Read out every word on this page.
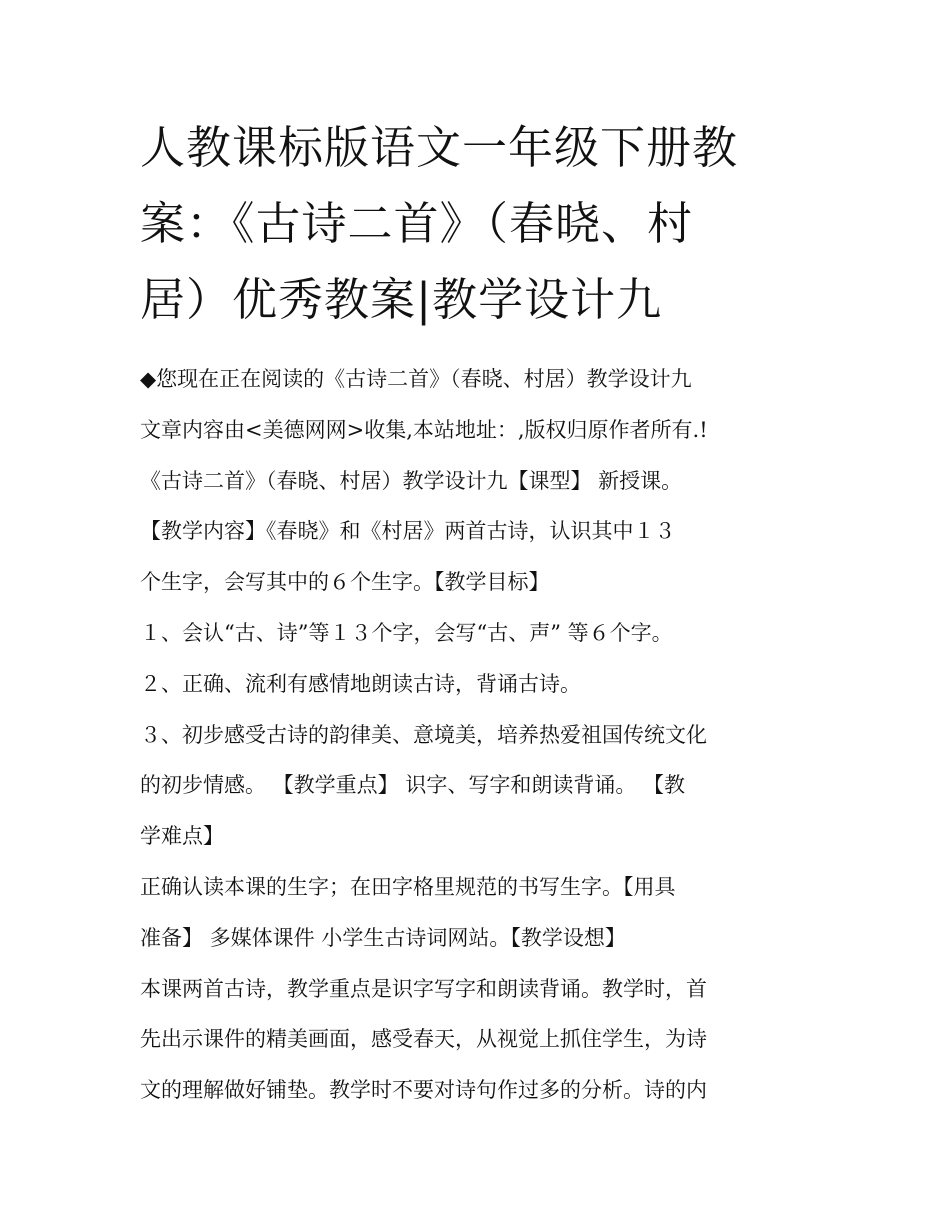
人教课标版语文一年级下册教
案：《古诗二首》（春晓、村
居）优秀教案|教学设计九
◆您现在正在阅读的《古诗二首》（春晓、村居）教学设计九
文章内容由<美德网网>收集,本站地址：,版权归原作者所有.!
《古诗二首》（春晓、村居）教学设计九【课型】 新授课。
【教学内容】《春晓》和《村居》两首古诗，认识其中１３
个生字，会写其中的６个生字。【教学目标】
１、会认“古、诗”等１３个字，会写“古、声” 等６个字。
２、正确、流利有感情地朗读古诗，背诵古诗。
３、初步感受古诗的韵律美、意境美，培养热爱祖国传统文化
的初步情感。 【教学重点】 识字、写字和朗读背诵。 【教
学难点】
正确认读本课的生字；在田字格里规范的书写生字。【用具
准备】 多媒体课件 小学生古诗词网站。【教学设想】
本课两首古诗，教学重点是识字写字和朗读背诵。教学时，首
先出示课件的精美画面，感受春天，从视觉上抓住学生，为诗
文的理解做好铺垫。教学时不要对诗句作过多的分析。诗的内
